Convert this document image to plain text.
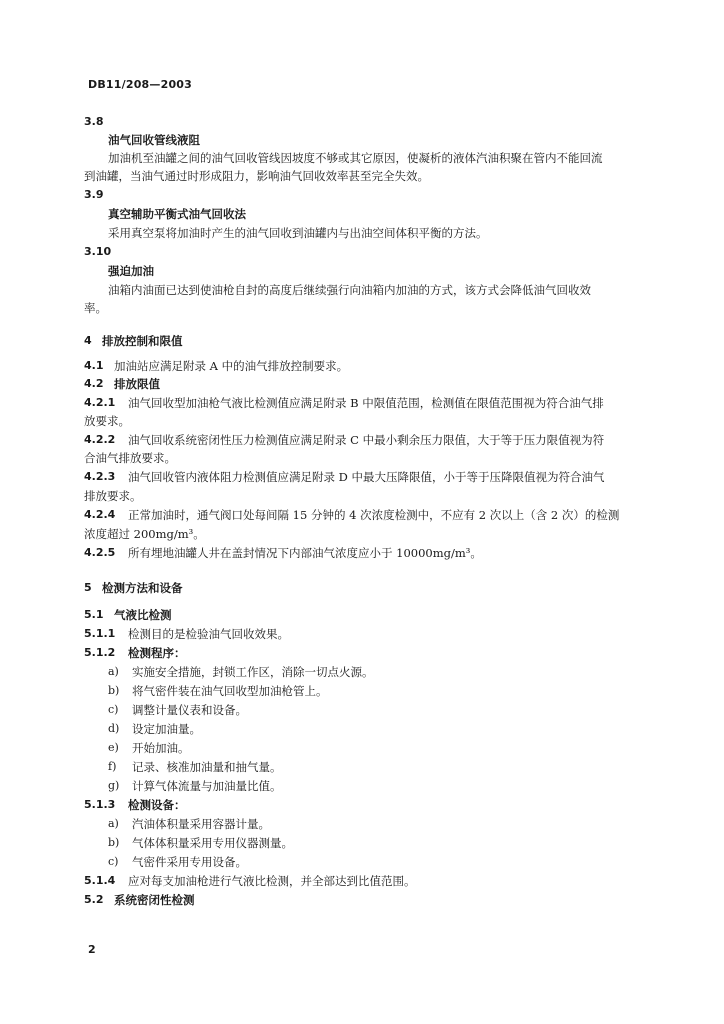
DB11/208—2003
3.8
油气回收管线液阻
加油机至油罐之间的油气回收管线因坡度不够或其它原因，使凝析的液体汽油积聚在管内不能回流
到油罐，当油气通过时形成阻力，影响油气回收效率甚至完全失效。
3.9
真空辅助平衡式油气回收法
采用真空泵将加油时产生的油气回收到油罐内与出油空间体积平衡的方法。
3.10
强迫加油
油箱内油面已达到使油枪自封的高度后继续强行向油箱内加油的方式，该方式会降低油气回收效
率。
4 排放控制和限值
4.1 加油站应满足附录 A 中的油气排放控制要求。
4.2 排放限值
4.2.1 油气回收型加油枪气液比检测值应满足附录 B 中限值范围，检测值在限值范围视为符合油气排
放要求。
4.2.2 油气回收系统密闭性压力检测值应满足附录 C 中最小剩余压力限值，大于等于压力限值视为符
合油气排放要求。
4.2.3 油气回收管内液体阻力检测值应满足附录 D 中最大压降限值，小于等于压降限值视为符合油气
排放要求。
4.2.4 正常加油时，通气阀口处每间隔 15 分钟的 4 次浓度检测中，不应有 2 次以上（含 2 次）的检测
浓度超过 200mg/m³。
4.2.5 所有埋地油罐人井在盖封情况下内部油气浓度应小于 10000mg/m³。
5 检测方法和设备
5.1 气液比检测
5.1.1 检测目的是检验油气回收效果。
5.1.2 检测程序：
a) 实施安全措施，封锁工作区，消除一切点火源。
b) 将气密件装在油气回收型加油枪管上。
c) 调整计量仪表和设备。
d) 设定加油量。
e) 开始加油。
f) 记录、核准加油量和抽气量。
g) 计算气体流量与加油量比值。
5.1.3 检测设备：
a) 汽油体积量采用容器计量。
b) 气体体积量采用专用仪器测量。
c) 气密件采用专用设备。
5.1.4 应对每支加油枪进行气液比检测，并全部达到比值范围。
5.2 系统密闭性检测
2
